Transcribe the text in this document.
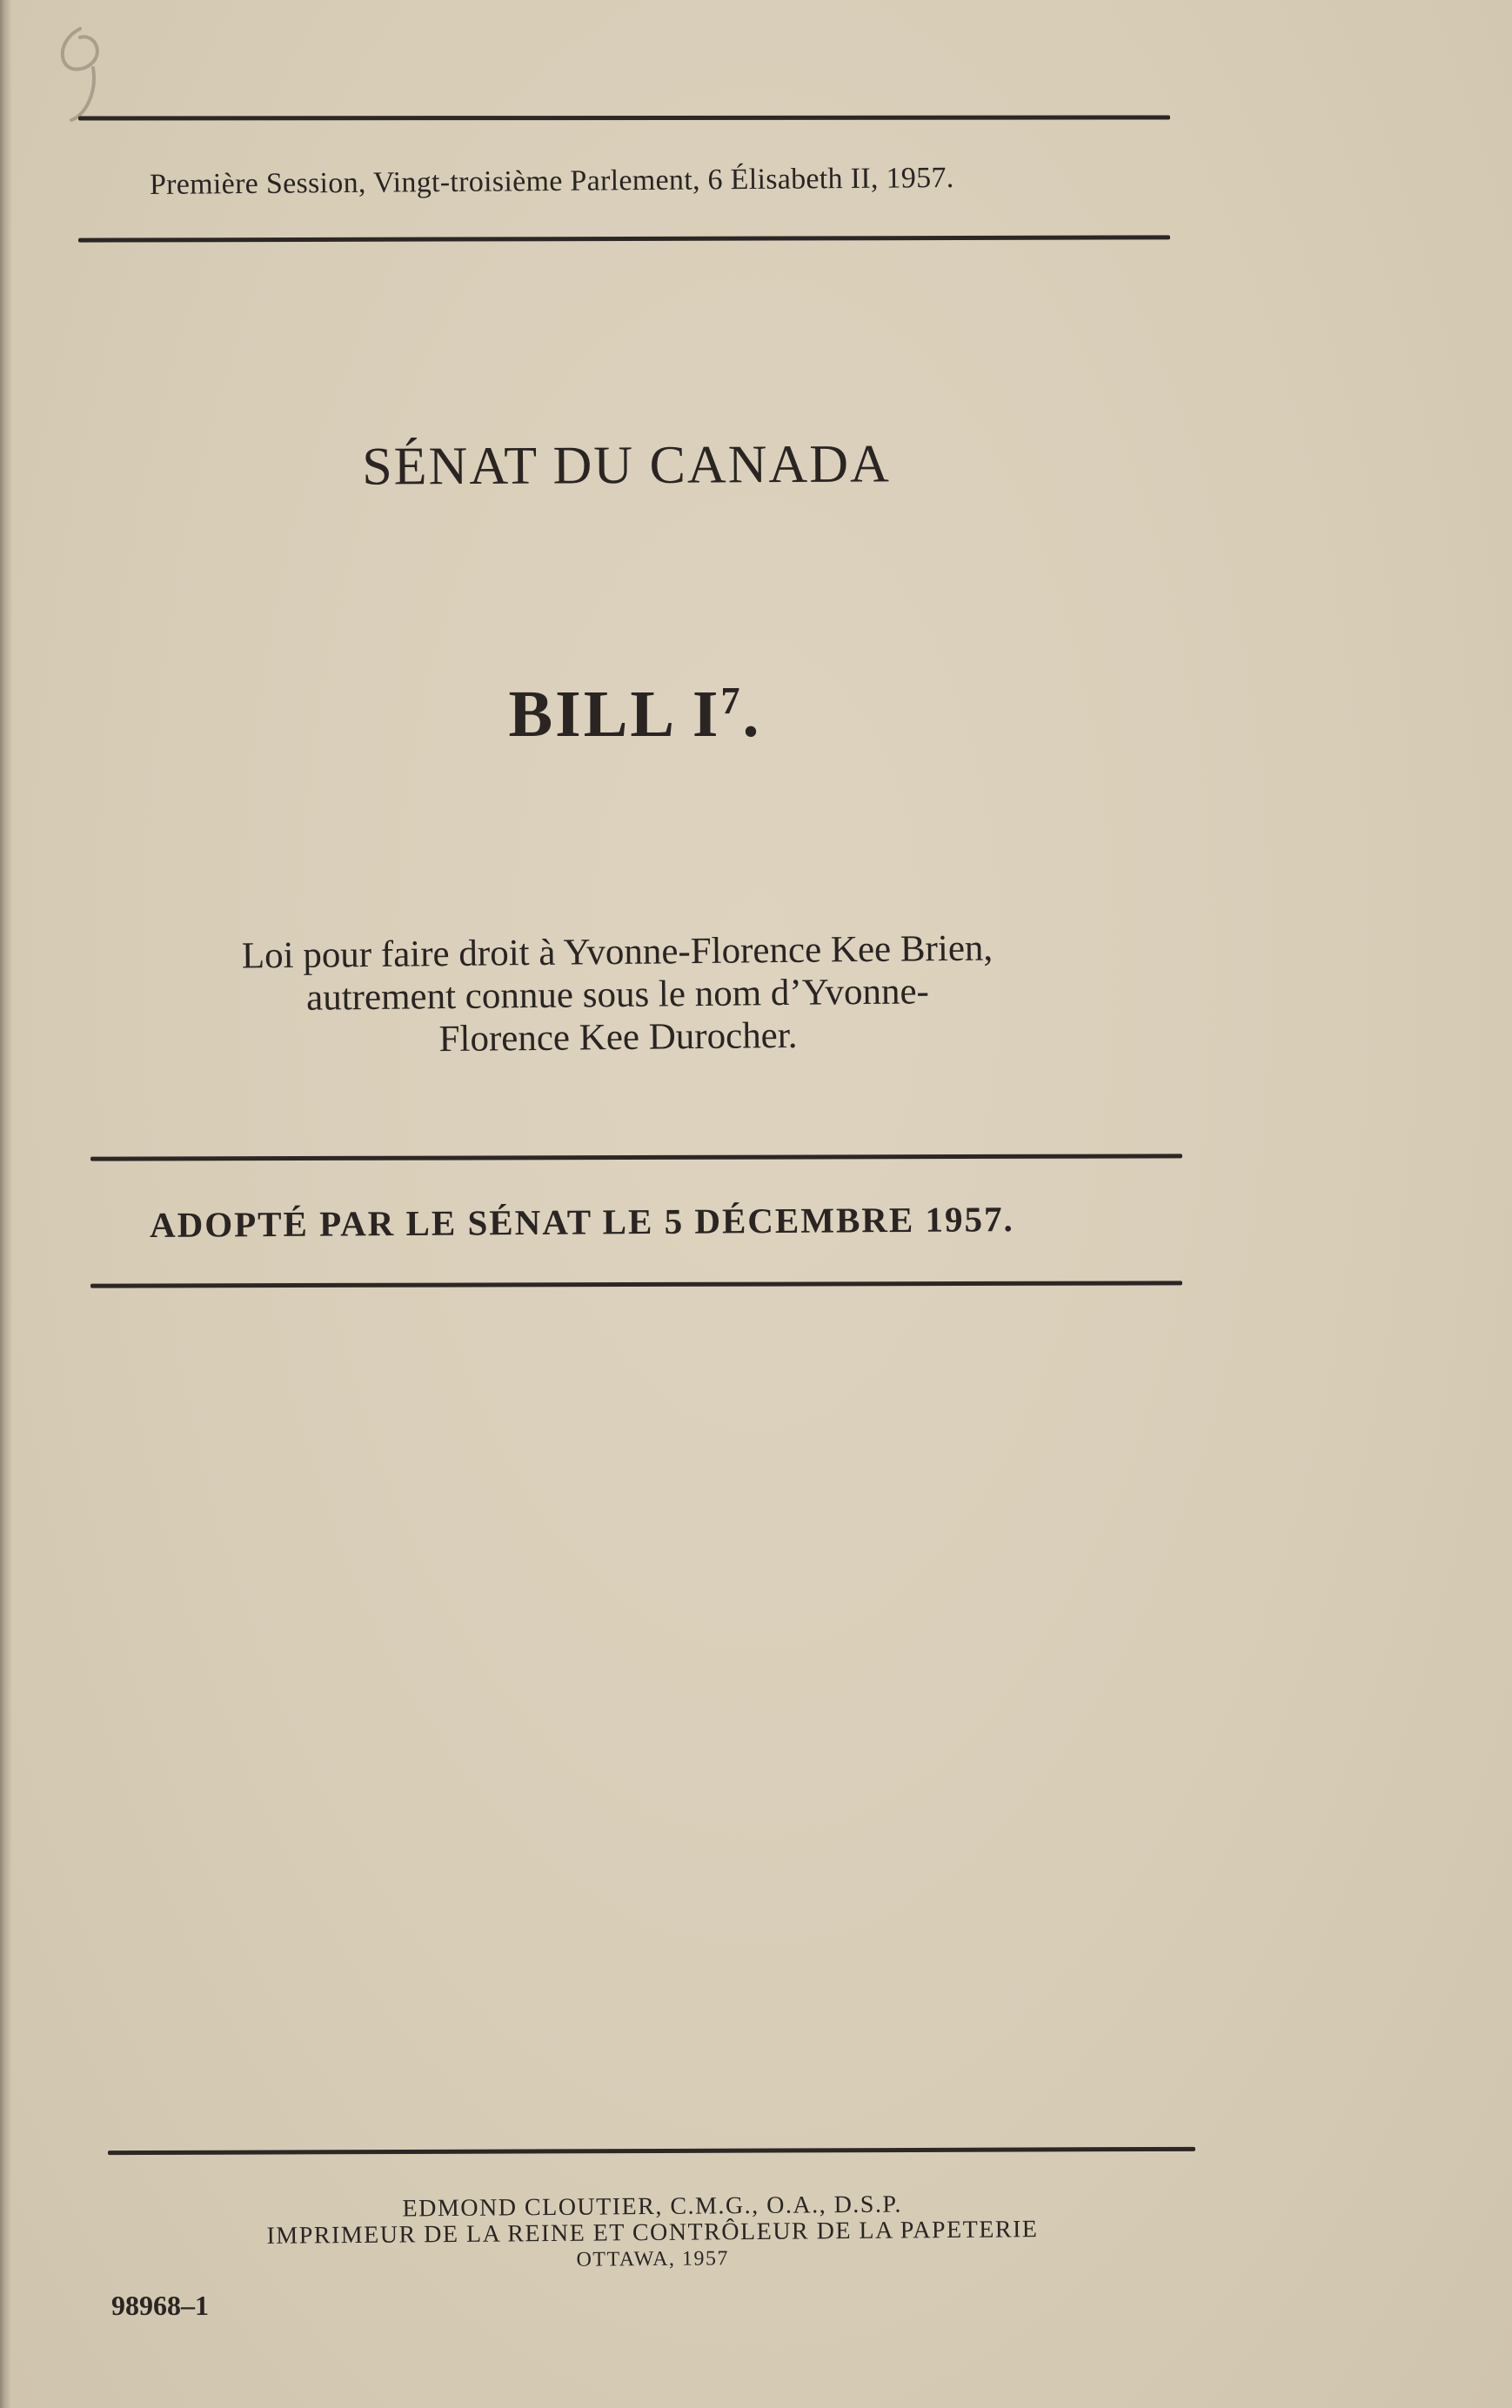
Première Session, Vingt-troisième Parlement, 6 Élisabeth II, 1957.
SÉNAT DU CANADA
BILL $I^7$.
Loi pour faire droit à Yvonne-Florence Kee Brien,
autrement connue sous le nom d’Yvonne-
Florence Kee Durocher.
ADOPTÉ PAR LE SÉNAT LE 5 DÉCEMBRE 1957.
EDMOND CLOUTIER, C.M.G., O.A., D.S.P.
IMPRIMEUR DE LA REINE ET CONTRÔLEUR DE LA PAPETERIE
OTTAWA, 1957
98968–1
